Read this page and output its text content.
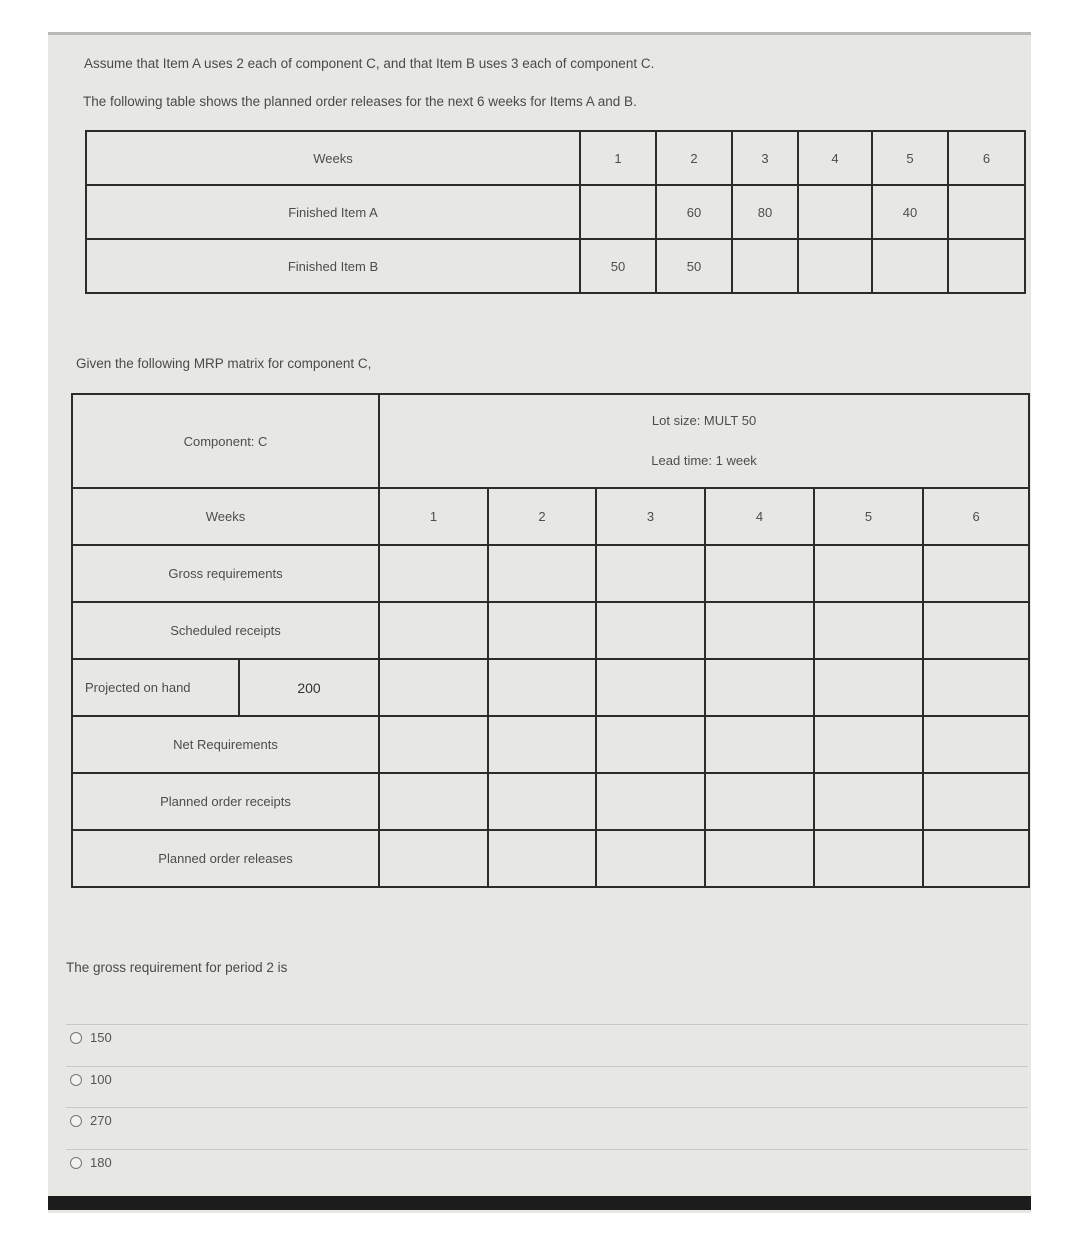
Assume that Item A uses 2 each of component C, and that Item B uses 3 each of component C.
The following table shows the planned order releases for the next 6 weeks for Items A and B.
Weeks	1	2	3	4	5	6
Finished Item A		60	80		40	
Finished Item B	50	50				
Given the following MRP matrix for component C,
Component: C		Lot size: MULT 50
Lead time: 1 week					

Weeks		1	2	3	4	5	6
Gross requirements							
Scheduled receipts							
Projected on hand	200						
Net Requirements							
Planned order receipts							
Planned order releases							
The gross requirement for period 2 is
150
100
270
180
